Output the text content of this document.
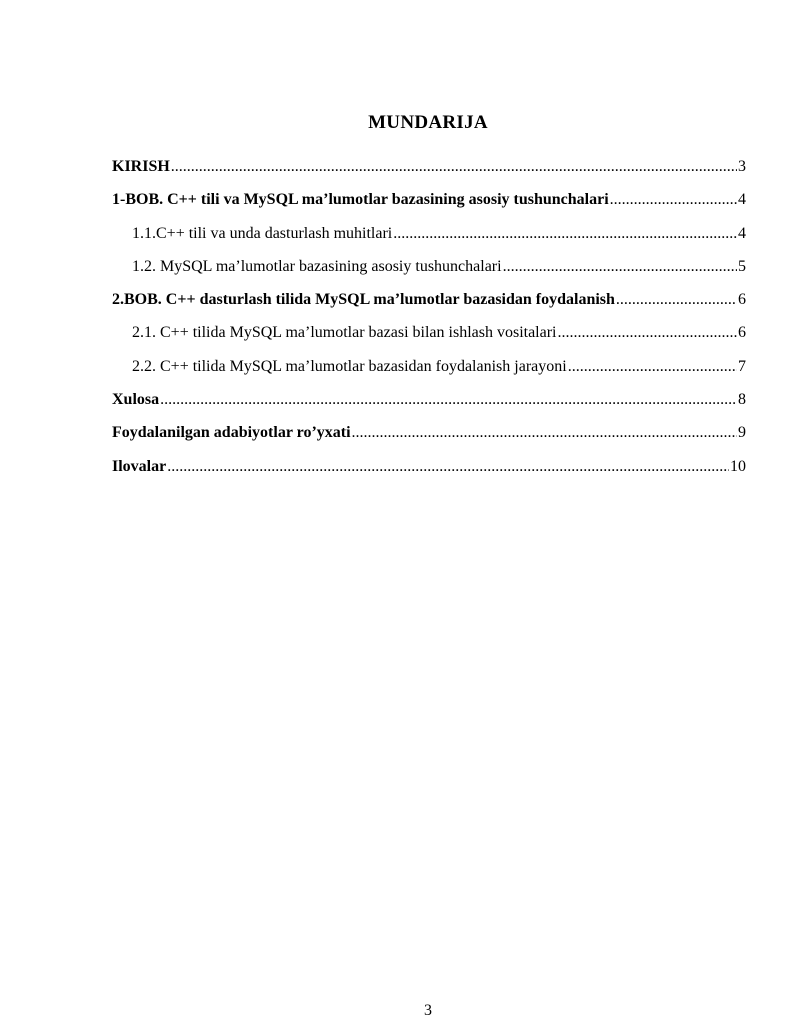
MUNDARIJA
KIRISH .....	3
1-BOB. C++ tili va MySQL ma’lumotlar bazasining asosiy tushunchalari .....	4
1.1.C++ tili va unda dasturlash muhitlari .....	4
1.2. MySQL ma’lumotlar bazasining asosiy tushunchalari .....	5
2.BOB. C++ dasturlash tilida MySQL ma’lumotlar bazasidan foydalanish .....	6
2.1. C++ tilida MySQL ma’lumotlar bazasi bilan ishlash vositalari .....	6
2.2. C++ tilida MySQL ma’lumotlar bazasidan foydalanish jarayoni .....	7
Xulosa .....	8
Foydalanilgan adabiyotlar ro’yxati .....	9
Ilovalar .....	10
3
